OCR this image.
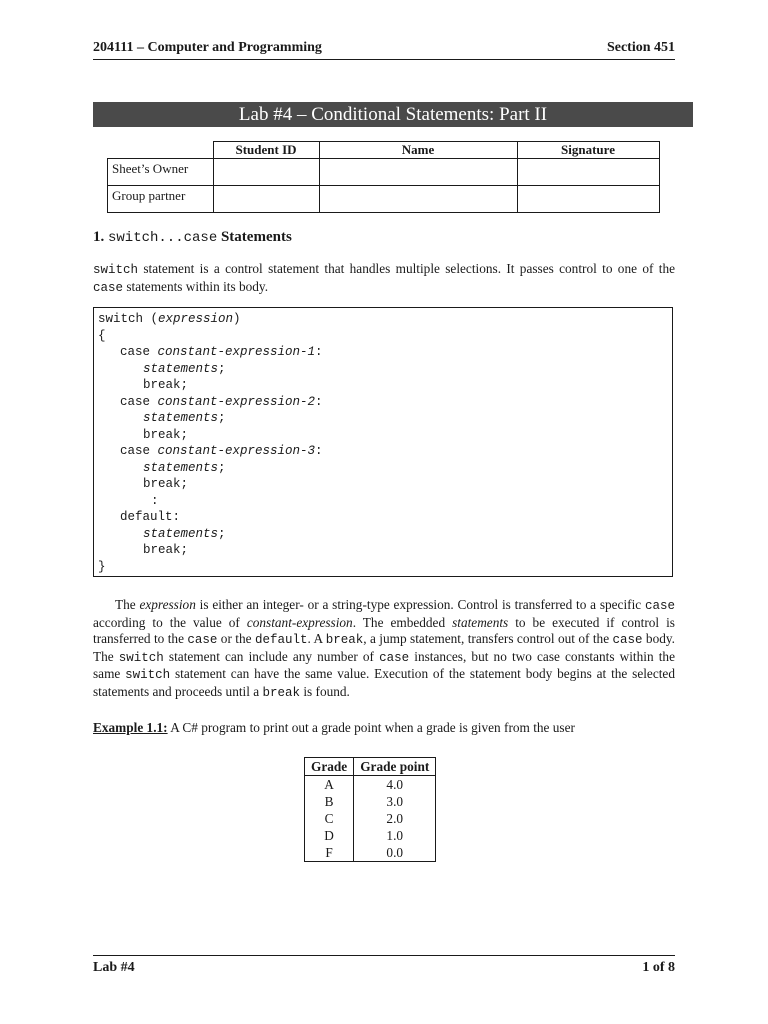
204111 – Computer and Programming	Section 451
Lab #4 – Conditional Statements: Part II
	Student ID	Name	Signature
Sheet’s Owner			
Group partner			
1. switch...case Statements
switch statement is a control statement that handles multiple selections. It passes control to one of the case statements within its body.
switch (expression)
{
case constant-expression-1:
statements;
break;
case constant-expression-2:
statements;
break;
case constant-expression-3:
statements;
break;
:
default:
statements;
break;
}
The expression is either an integer- or a string-type expression. Control is transferred to a specific case according to the value of constant-expression. The embedded statements to be executed if control is transferred to the case or the default. A break, a jump statement, transfers control out of the case body. The switch statement can include any number of case instances, but no two case constants within the same switch statement can have the same value. Execution of the statement body begins at the selected statements and proceeds until a break is found.
Example 1.1: A C# program to print out a grade point when a grade is given from the user
Grade	Grade point
A	4.0
B	3.0
C	2.0
D	1.0
F	0.0
Lab #4	1 of 8
